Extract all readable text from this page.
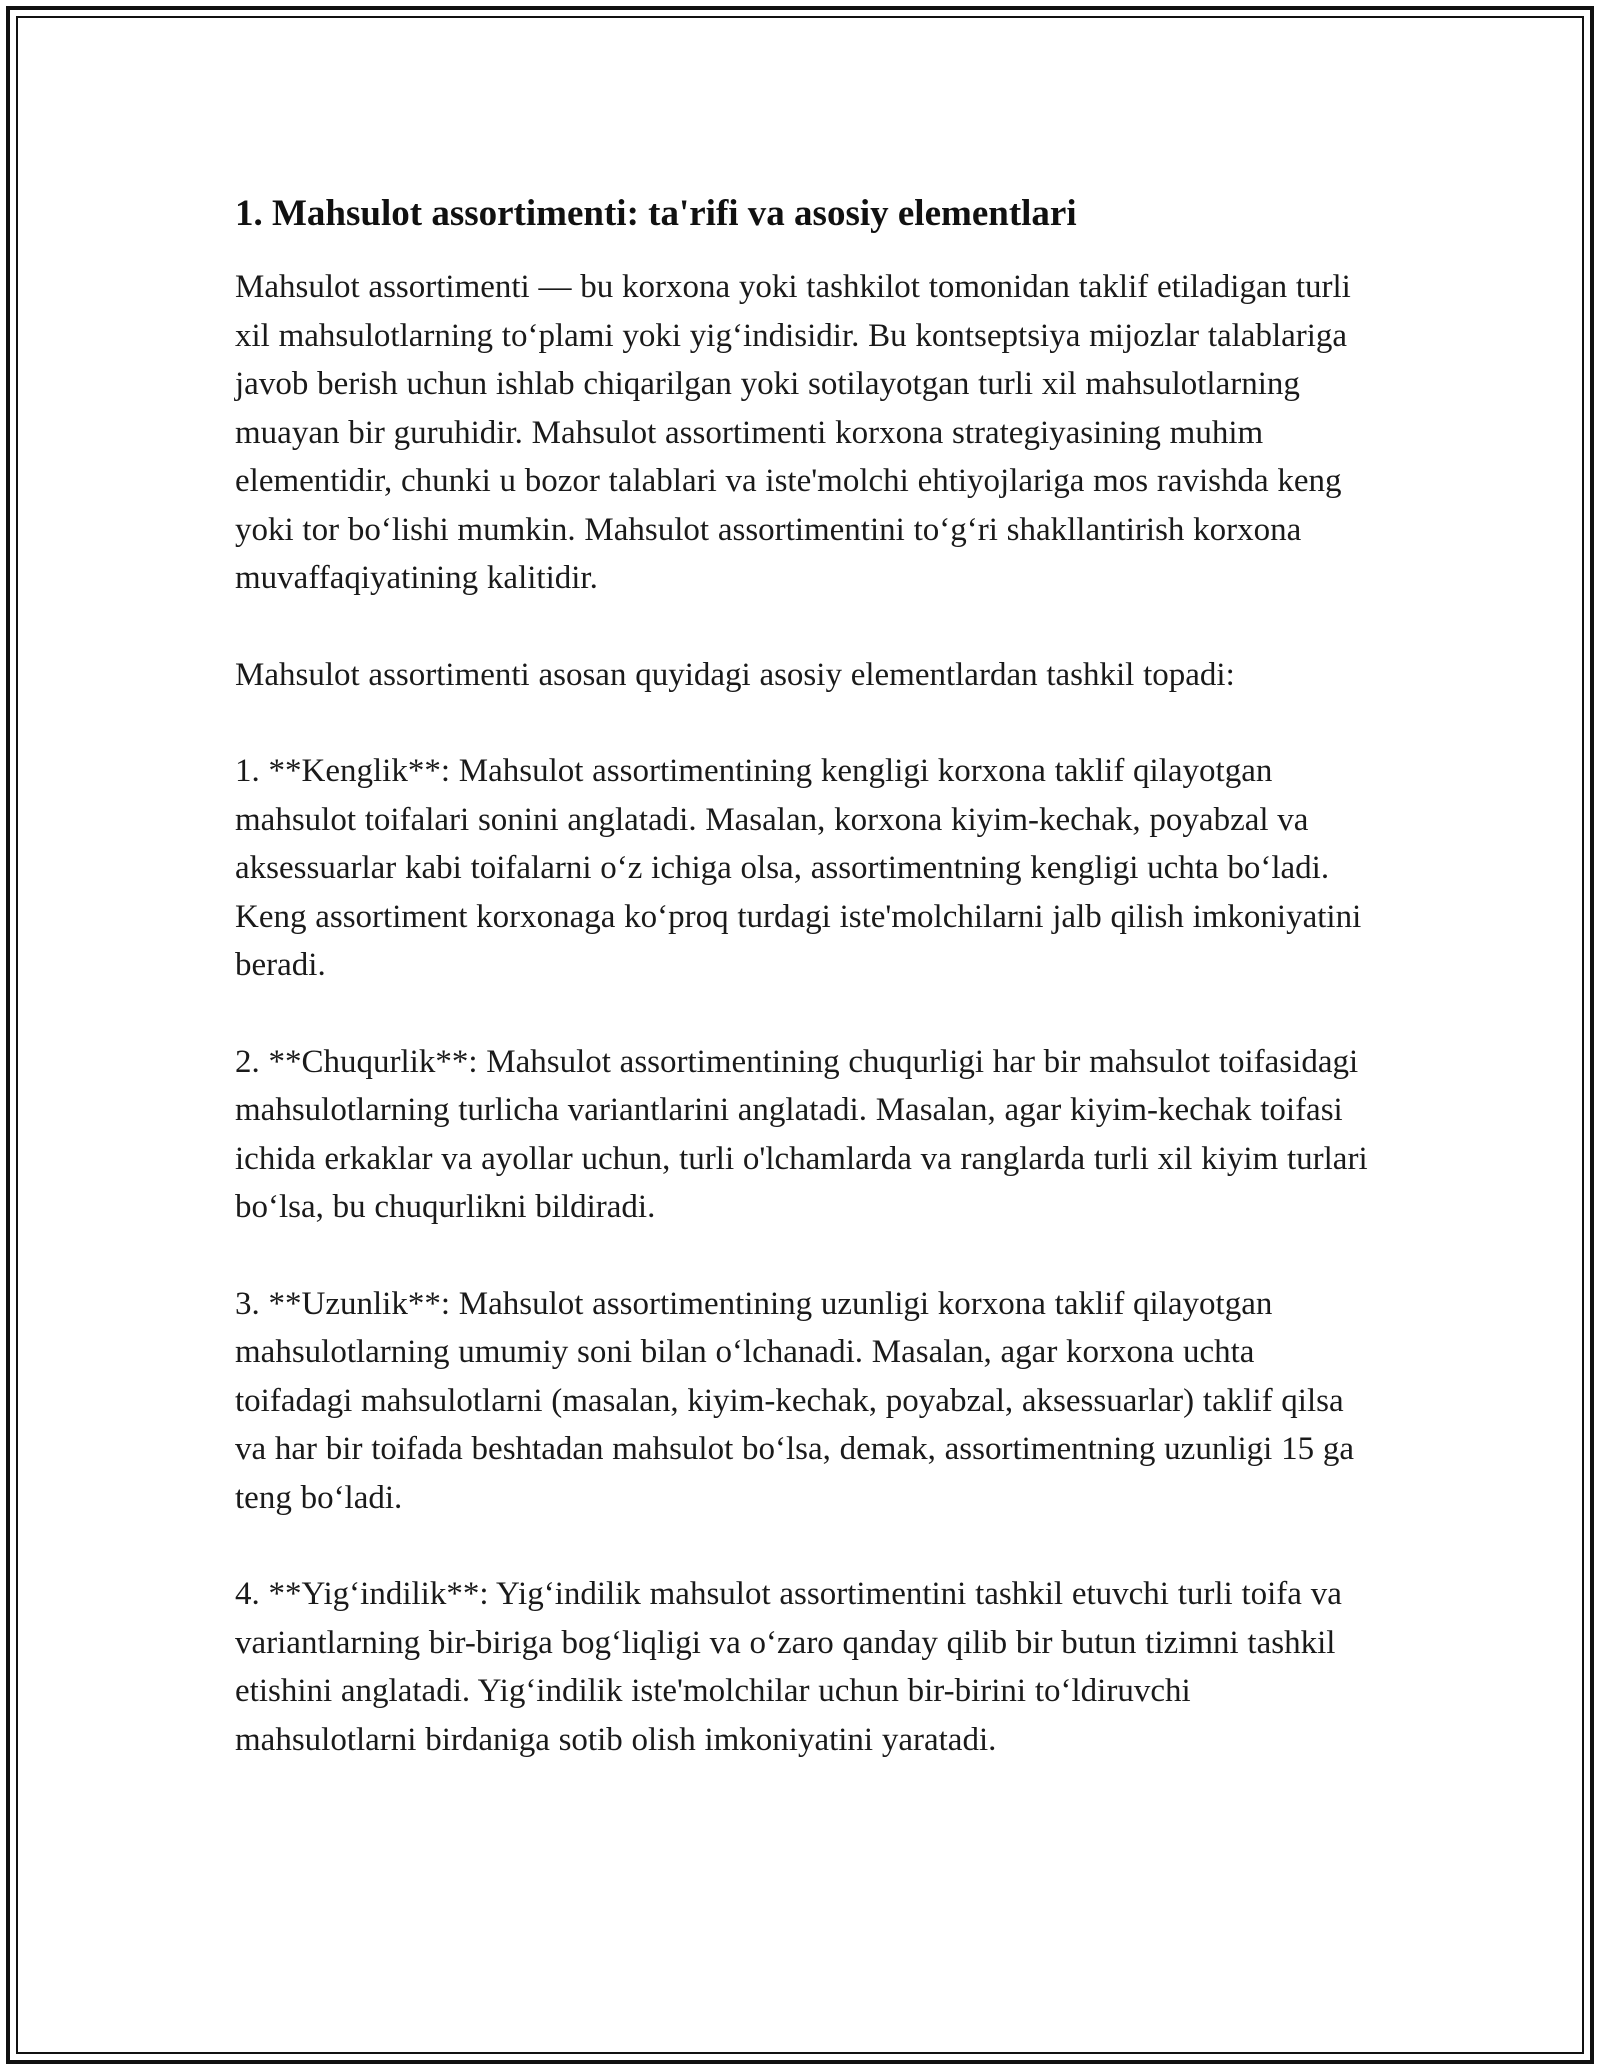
1. Mahsulot assortimenti: ta'rifi va asosiy elementlari

Mahsulot assortimenti — bu korxona yoki tashkilot tomonidan taklif etiladigan turli xil mahsulotlarning to‘plami yoki yig‘indisidir. Bu kontseptsiya mijozlar talablariga javob berish uchun ishlab chiqarilgan yoki sotilayotgan turli xil mahsulotlarning muayan bir guruhidir. Mahsulot assortimenti korxona strategiyasining muhim elementidir, chunki u bozor talablari va iste'molchi ehtiyojlariga mos ravishda keng yoki tor bo‘lishi mumkin. Mahsulot assortimentini to‘g‘ri shakllantirish korxona muvaffaqiyatining kalitidir.

Mahsulot assortimenti asosan quyidagi asosiy elementlardan tashkil topadi:

1. **Kenglik**: Mahsulot assortimentining kengligi korxona taklif qilayotgan mahsulot toifalari sonini anglatadi. Masalan, korxona kiyim-kechak, poyabzal va aksessuarlar kabi toifalarni o‘z ichiga olsa, assortimentning kengligi uchta bo‘ladi. Keng assortiment korxonaga ko‘proq turdagi iste'molchilarni jalb qilish imkoniyatini beradi.

2. **Chuqurlik**: Mahsulot assortimentining chuqurligi har bir mahsulot toifasidagi mahsulotlarning turlicha variantlarini anglatadi. Masalan, agar kiyim-kechak toifasi ichida erkaklar va ayollar uchun, turli o'lchamlarda va ranglarda turli xil kiyim turlari bo‘lsa, bu chuqurlikni bildiradi.

3. **Uzunlik**: Mahsulot assortimentining uzunligi korxona taklif qilayotgan mahsulotlarning umumiy soni bilan o‘lchanadi. Masalan, agar korxona uchta toifadagi mahsulotlarni (masalan, kiyim-kechak, poyabzal, aksessuarlar) taklif qilsa va har bir toifada beshtadan mahsulot bo‘lsa, demak, assortimentning uzunligi 15 ga teng bo‘ladi.

4. **Yig‘indilik**: Yig‘indilik mahsulot assortimentini tashkil etuvchi turli toifa va variantlarning bir-biriga bog‘liqligi va o‘zaro qanday qilib bir butun tizimni tashkil etishini anglatadi. Yig‘indilik iste'molchilar uchun bir-birini to‘ldiruvchi mahsulotlarni birdaniga sotib olish imkoniyatini yaratadi.
